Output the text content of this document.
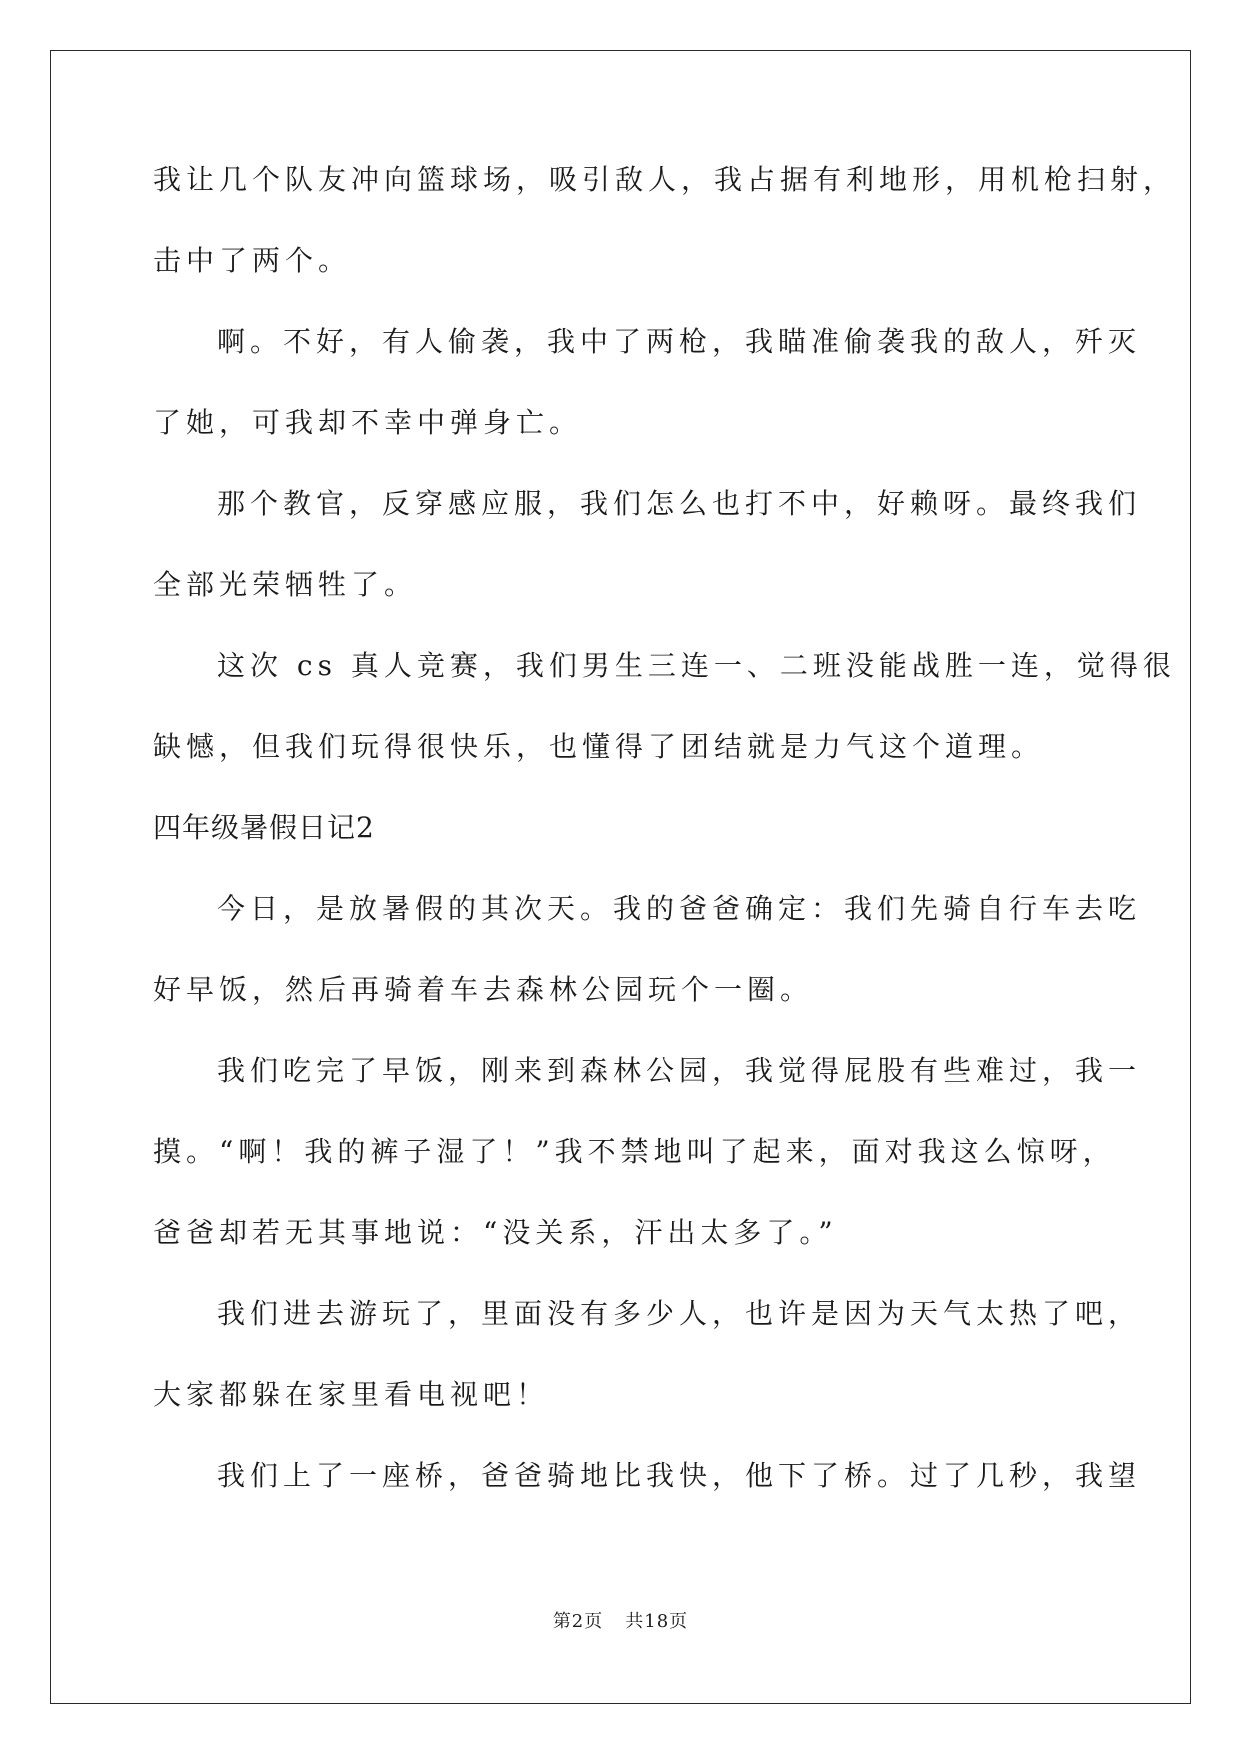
我让几个队友冲向篮球场，吸引敌人，我占据有利地形，用机枪扫射，
击中了两个。
啊。不好，有人偷袭，我中了两枪，我瞄准偷袭我的敌人，歼灭
了她，可我却不幸中弹身亡。
那个教官，反穿感应服，我们怎么也打不中，好赖呀。最终我们
全部光荣牺牲了。
这次 cs 真人竞赛，我们男生三连一、二班没能战胜一连，觉得很
缺憾，但我们玩得很快乐，也懂得了团结就是力气这个道理。
四年级暑假日记2
今日，是放暑假的其次天。我的爸爸确定：我们先骑自行车去吃
好早饭，然后再骑着车去森林公园玩个一圈。
我们吃完了早饭，刚来到森林公园，我觉得屁股有些难过，我一
摸。“啊！我的裤子湿了！”我不禁地叫了起来，面对我这么惊呀，
爸爸却若无其事地说：“没关系，汗出太多了。”
我们进去游玩了，里面没有多少人，也许是因为天气太热了吧，
大家都躲在家里看电视吧！
我们上了一座桥，爸爸骑地比我快，他下了桥。过了几秒，我望
第2页 共18页
